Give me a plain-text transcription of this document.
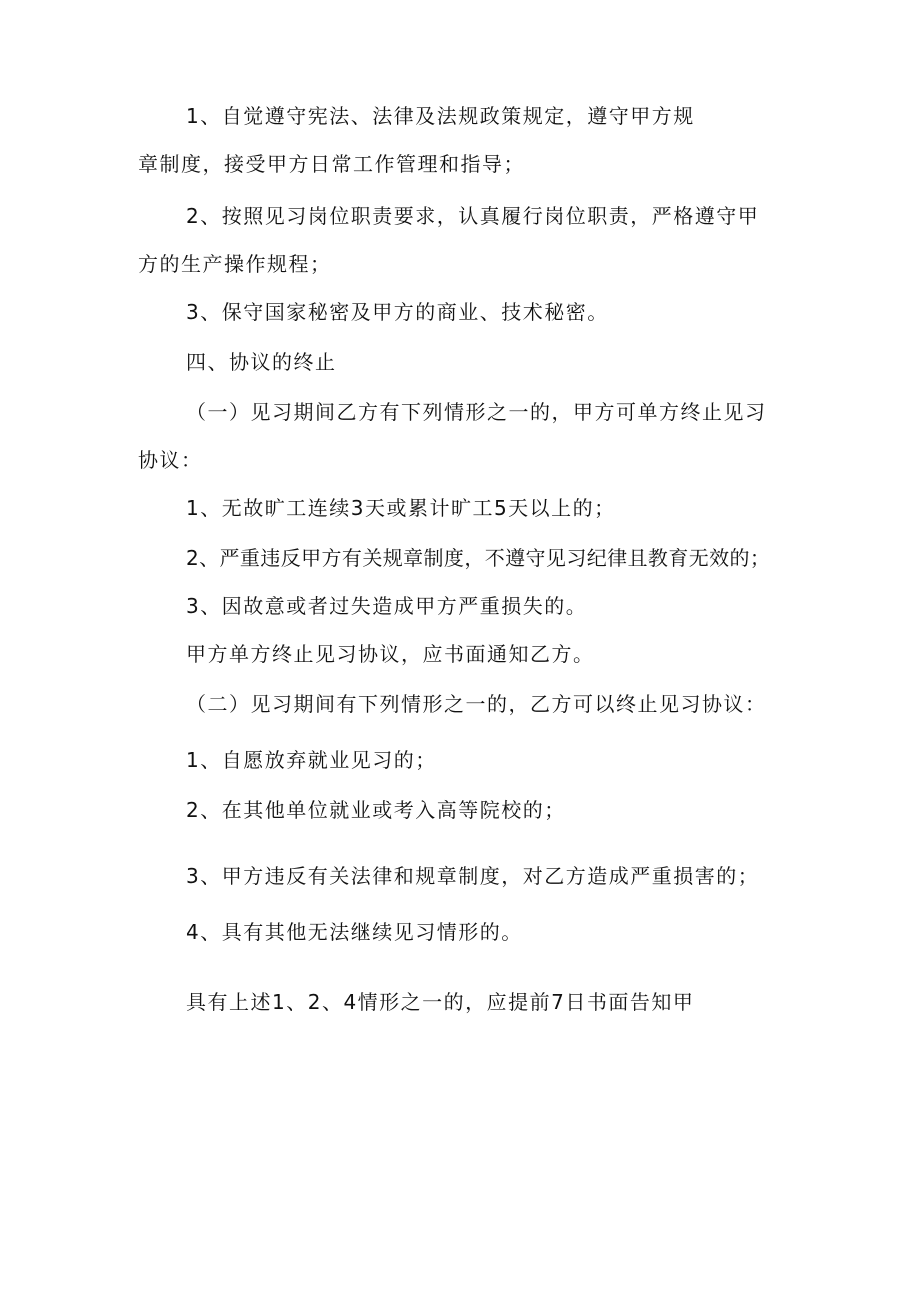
1、自觉遵守宪法、法律及法规政策规定，遵守甲方规
章制度，接受甲方日常工作管理和指导；
2、按照见习岗位职责要求，认真履行岗位职责，严格遵守甲
方的生产操作规程；
3、保守国家秘密及甲方的商业、技术秘密。
四、协议的终止
（一）见习期间乙方有下列情形之一的，甲方可单方终止见习
协议：
1、无故旷工连续3天或累计旷工5天以上的；
2、严重违反甲方有关规章制度，不遵守见习纪律且教育无效的；
3、因故意或者过失造成甲方严重损失的。
甲方单方终止见习协议，应书面通知乙方。
（二）见习期间有下列情形之一的，乙方可以终止见习协议：
1、自愿放弃就业见习的；
2、在其他单位就业或考入高等院校的；
3、甲方违反有关法律和规章制度，对乙方造成严重损害的；
4、具有其他无法继续见习情形的。
具有上述1、2、4情形之一的，应提前7日书面告知甲
